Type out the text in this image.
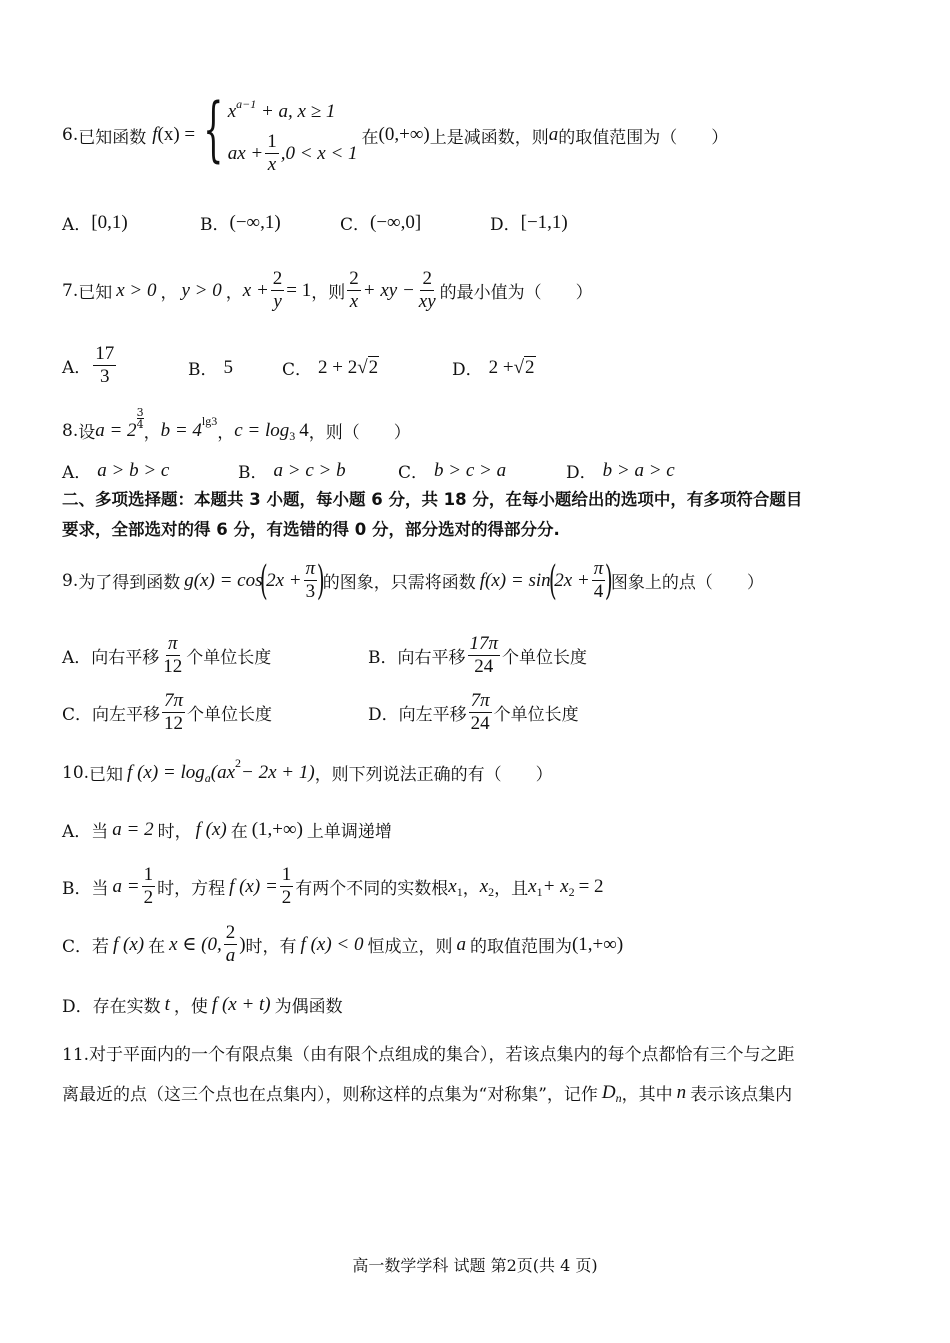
6. 已知函数 f (x) = { $x^{a-1} + a$, x ≥ 1
ax + $\frac{1}{x} ,0 < x < 1$
在 (0,+∞) 上是减函数，则 a 的取值范围为（　　）
A． [0,1)	B． (−∞,1)	C． (−∞,0]	D． [−1,1)
7. 已知 x > 0 ， y > 0 ， $x + \frac{2}{y} = 1$ ，则 $\frac{2}{x}$ + xy − $\frac{2}{xy}$ 的最小值为（　　）
A． $\frac{17}{3}$	B． 5	C． 2 + 2 √ 2	D． 2 + √ 2
8. 设 a = 2
3
4 ， b = 4 lg3
， c = log 3 4 ，则（　　）
A． a > b > c	B． a > c > b	C． b > c > a	D． b > a > c
二、多项选择题：本题共 3 小题，每小题 6 分，共 18 分，在每小题给出的选项中，有多项符合题目
要求，全部选对的得 6 分，有选错的得 0 分，部分选对的得部分分.
9. 为了得到函数 g(x) = cos
(
$2x + \frac{\pi}{3}$ )
的图象，只需将函数 f(x) = sin
(
$2x + \frac{\pi}{4}$ )
图象上的点（　　）
A．向右平移 $\frac{\pi}{12}$ 个单位长度	B．向右平移 $\frac{17\pi}{24}$ 个单位长度
C．向左平移 $\frac{7\pi}{12}$ 个单位长度	D．向左平移 $\frac{7\pi}{24}$ 个单位长度
10. 已知 f (x) = log a (ax 2 − 2x + 1) ，则下列说法正确的有（　　）
A．当 a = 2 时， f (x) 在 (1,+∞) 上单调递增
B．当 $a = \frac{1}{2}$ 时，方程 f $(x) = \frac{1}{2}$ 有两个不同的实数根 x 1 ， x 2 ，且 x 1 + x 2 = 2
C．若 f (x) 在 x ∈ (0, $\frac{2}{a}$ ) 时，有 f (x) < 0 恒成立，则 a 的取值范围为 (1,+∞)
D．存在实数 t ，使 f (x + t) 为偶函数
11.对于平面内的一个有限点集（由有限个点组成的集合），若该点集内的每个点都恰有三个与之距
离最近的点（这三个点也在点集内），则称这样的点集为“对称集”，记作 D n ，其中 n 表示该点集内
高一数学学科 试题 第2页(共 4 页)
